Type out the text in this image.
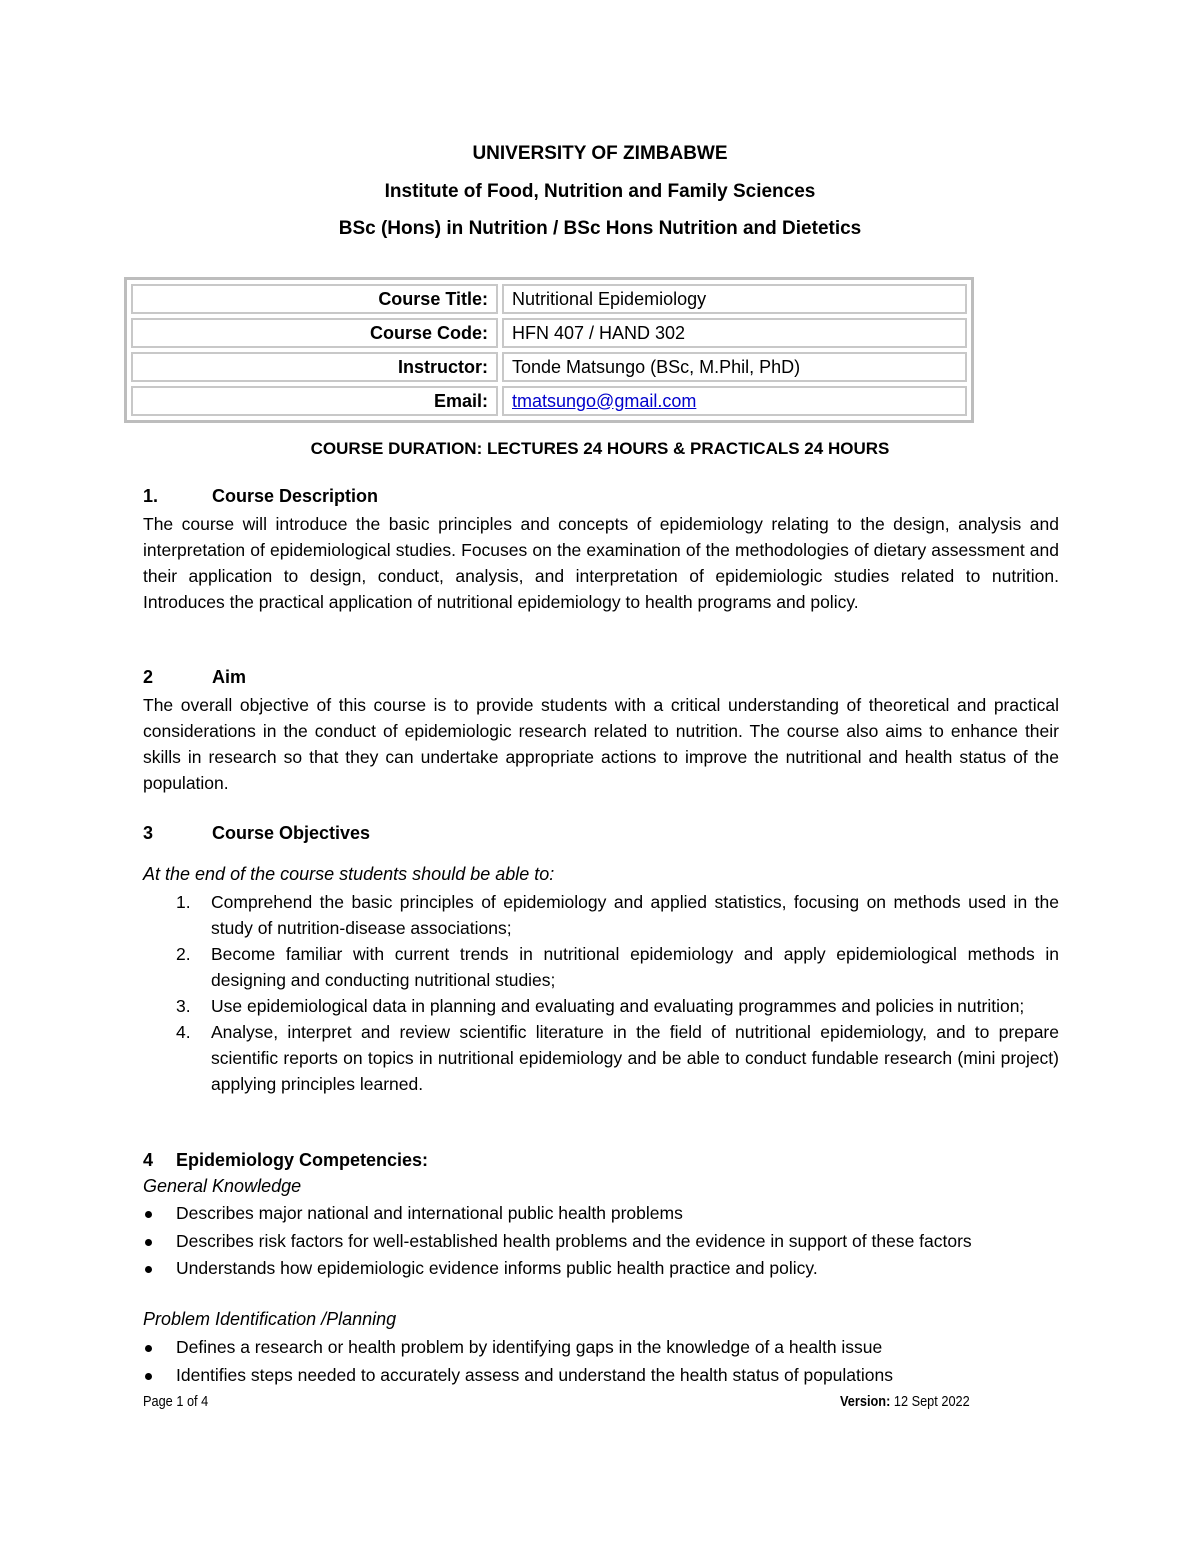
UNIVERSITY OF ZIMBABWE
Institute of Food, Nutrition and Family Sciences
BSc (Hons) in Nutrition / BSc Hons Nutrition and Dietetics
Course Title:	Nutritional Epidemiology
Course Code:	HFN 407 / HAND 302
Instructor:	Tonde Matsungo (BSc, M.Phil, PhD)
Email:	tmatsungo@gmail.com
COURSE DURATION: LECTURES 24 HOURS & PRACTICALS 24 HOURS
1.	Course Description

The course will introduce the basic principles and concepts of epidemiology relating to the design, analysis and interpretation of epidemiological studies. Focuses on the examination of the methodologies of dietary assessment and their application to design, conduct, analysis, and interpretation of epidemiologic studies related to nutrition. Introduces the practical application of nutritional epidemiology to health programs and policy.

2	Aim

The overall objective of this course is to provide students with a critical understanding of theoretical and practical considerations in the conduct of epidemiologic research related to nutrition. The course also aims to enhance their skills in research so that they can undertake appropriate actions to improve the nutritional and health status of the population.

3	Course Objectives
At the end of the course students should be able to:
1. Comprehend the basic principles of epidemiology and applied statistics, focusing on methods used in the study of nutrition-disease associations;
2. Become familiar with current trends in nutritional epidemiology and apply epidemiological methods in designing and conducting nutritional studies;
3. Use epidemiological data in planning and evaluating and evaluating programmes and policies in nutrition;
4. Analyse, interpret and review scientific literature in the field of nutritional epidemiology, and to prepare scientific reports on topics in nutritional epidemiology and be able to conduct fundable research (mini project) applying principles learned.
4 Epidemiology Competencies:
General Knowledge
Describes major national and international public health problems
Describes risk factors for well-established health problems and the evidence in support of these factors
Understands how epidemiologic evidence informs public health practice and policy.
Problem Identification /Planning
Defines a research or health problem by identifying gaps in the knowledge of a health issue
Identifies steps needed to accurately assess and understand the health status of populations
Page 1 of 4	Version: 12 Sept 2022
